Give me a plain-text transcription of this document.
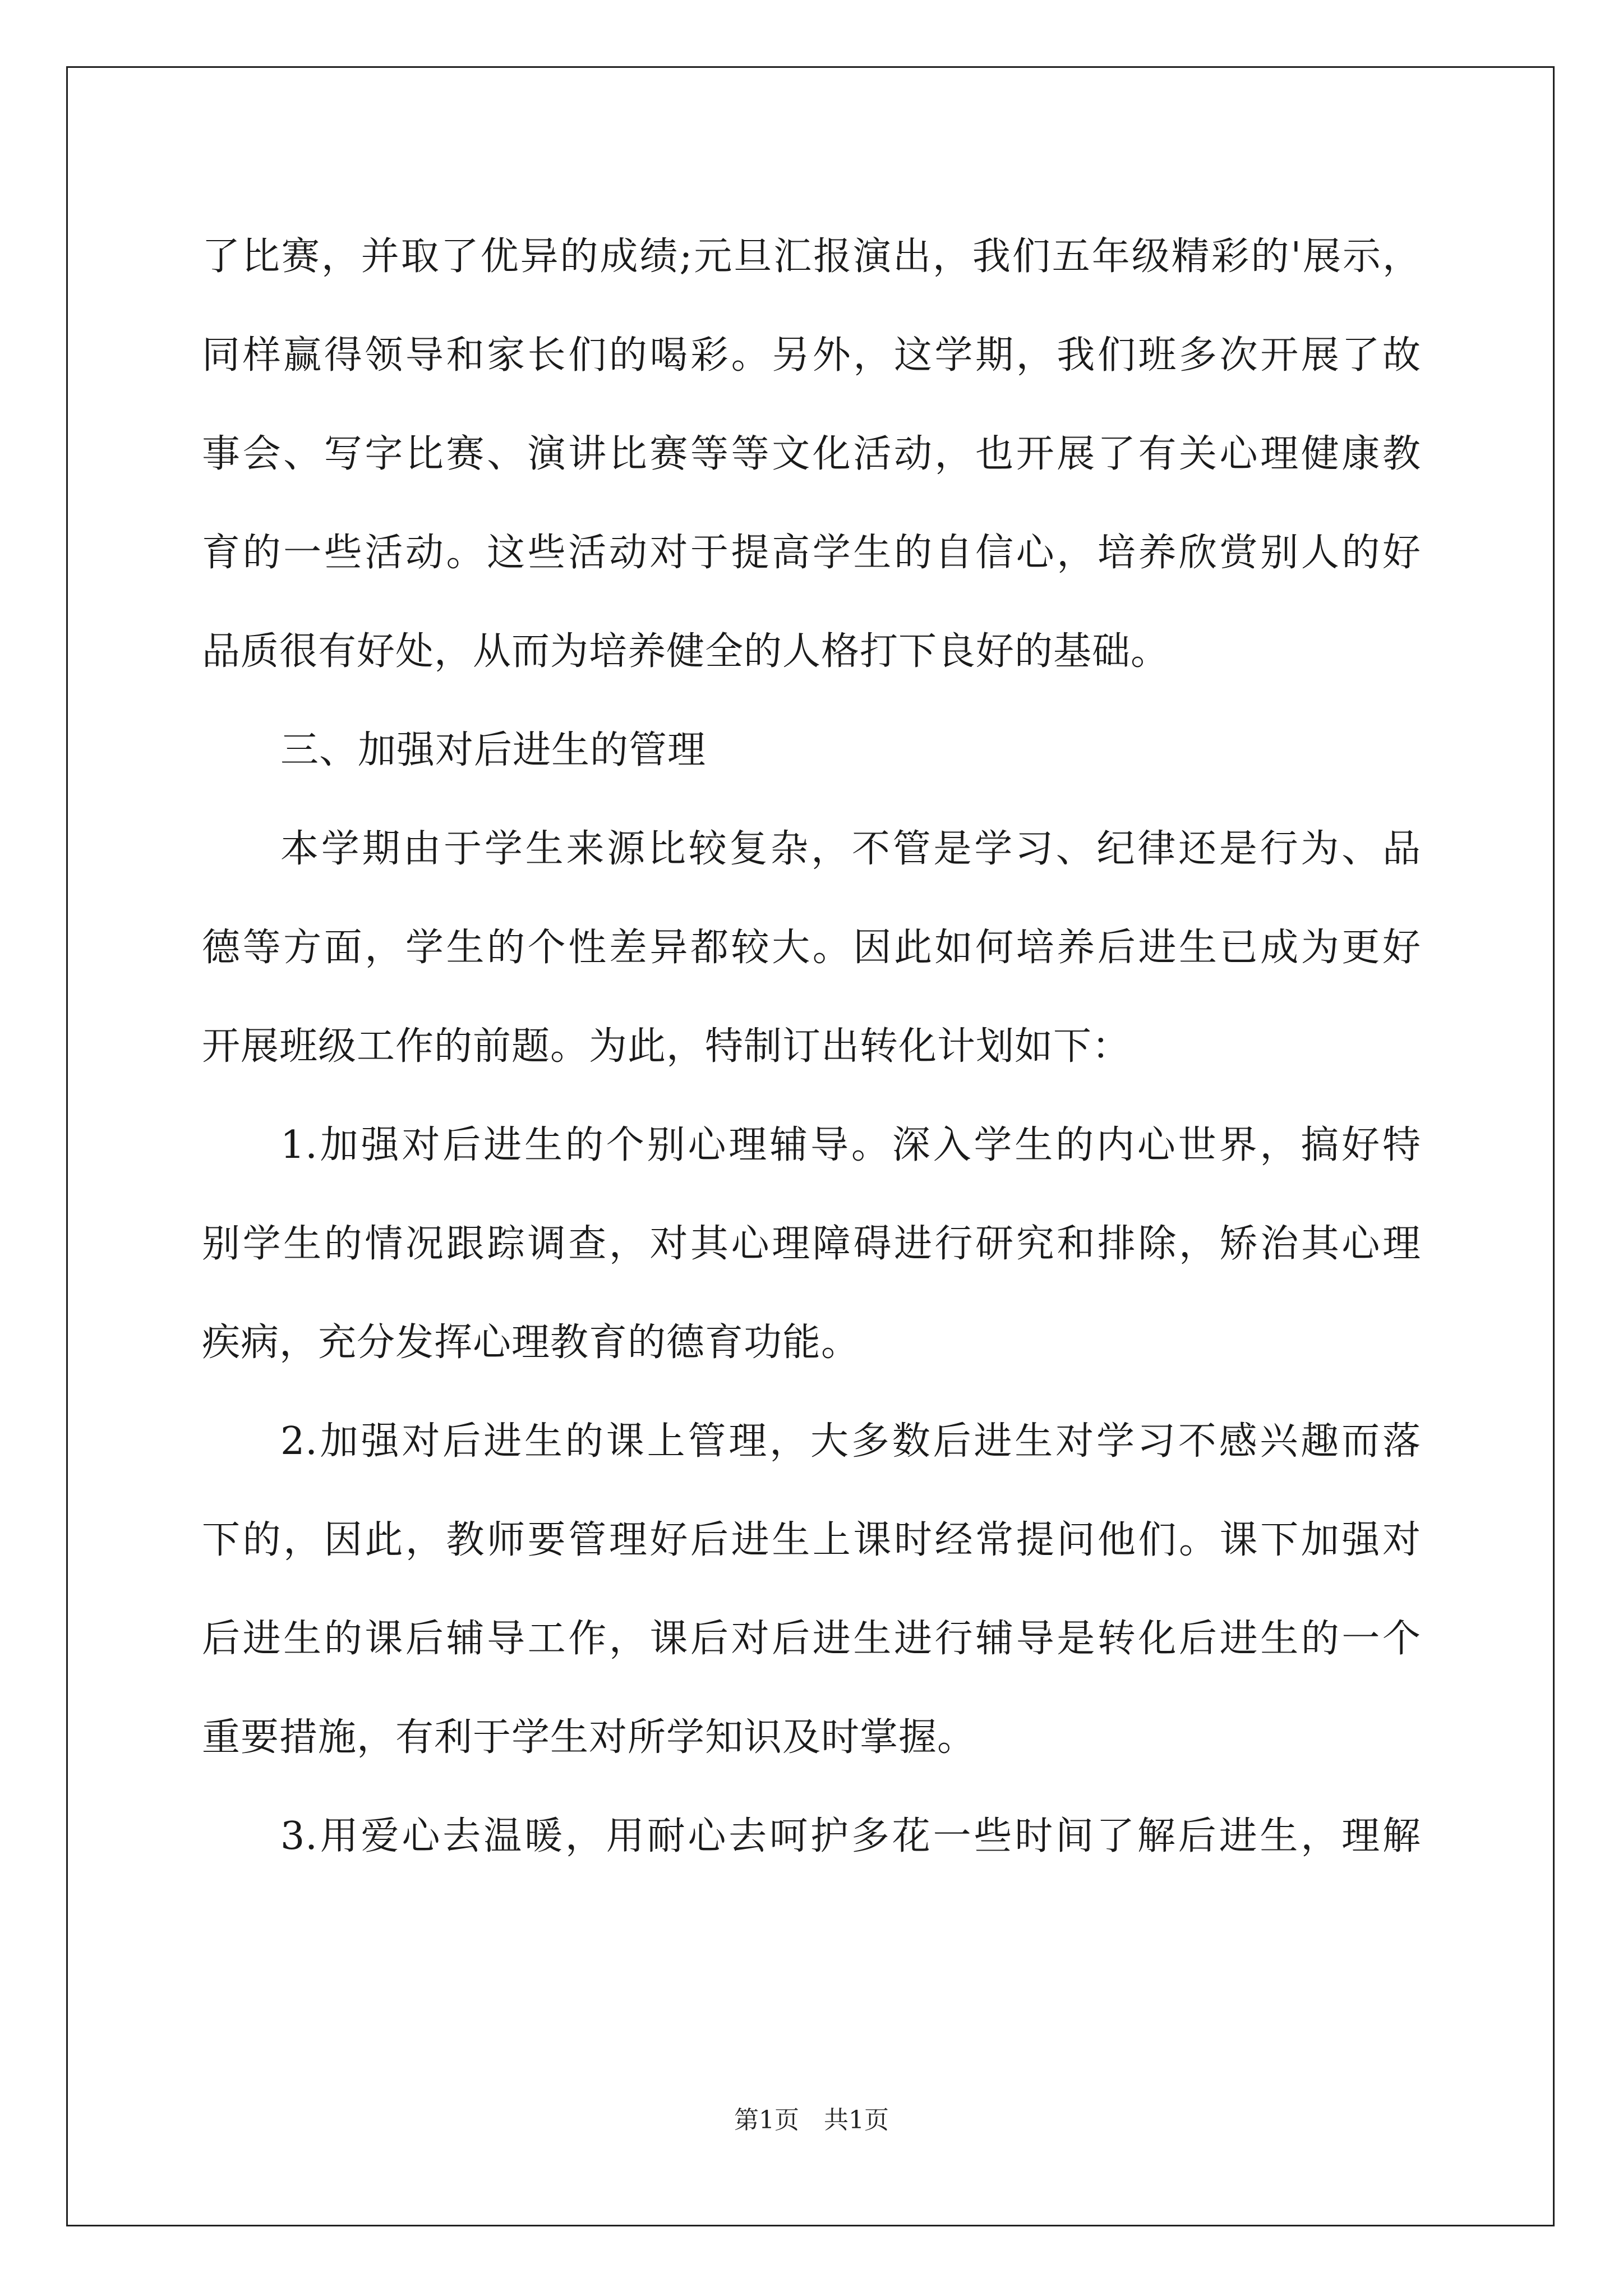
了比赛，并取了优异的成绩;元旦汇报演出，我们五年级精彩的'展示，
同样赢得领导和家长们的喝彩。另外，这学期，我们班多次开展了故
事会、写字比赛、演讲比赛等等文化活动，也开展了有关心理健康教
育的一些活动。这些活动对于提高学生的自信心，培养欣赏别人的好
品质很有好处，从而为培养健全的人格打下良好的基础。
三、加强对后进生的管理
本学期由于学生来源比较复杂，不管是学习、纪律还是行为、品
德等方面，学生的个性差异都较大。因此如何培养后进生已成为更好
开展班级工作的前题。为此，特制订出转化计划如下：
1.加强对后进生的个别心理辅导。深入学生的内心世界，搞好特
别学生的情况跟踪调查，对其心理障碍进行研究和排除，矫治其心理
疾病，充分发挥心理教育的德育功能。
2.加强对后进生的课上管理，大多数后进生对学习不感兴趣而落
下的，因此，教师要管理好后进生上课时经常提问他们。课下加强对
后进生的课后辅导工作，课后对后进生进行辅导是转化后进生的一个
重要措施，有利于学生对所学知识及时掌握。
3.用爱心去温暖，用耐心去呵护多花一些时间了解后进生，理解
第1页　共1页
